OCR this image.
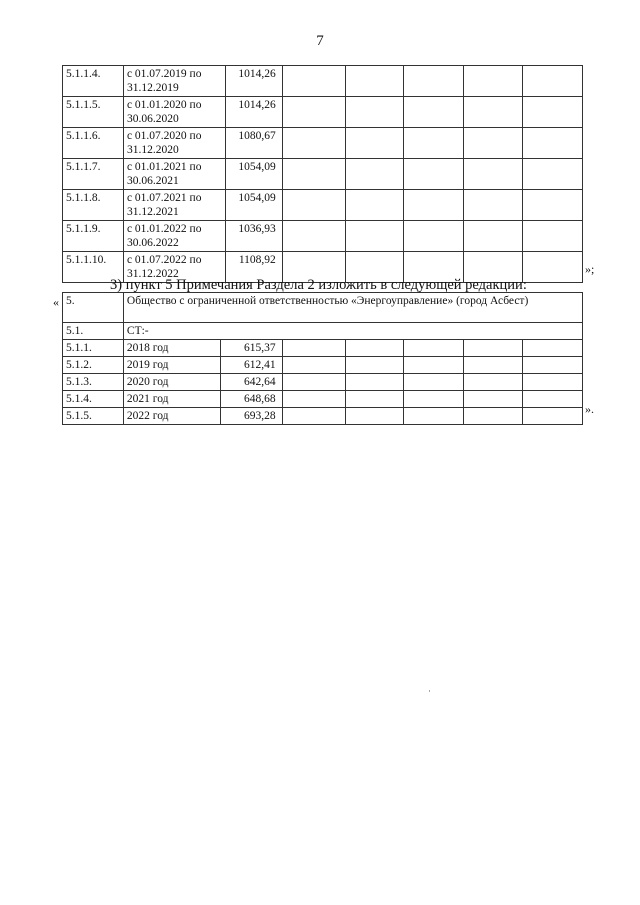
7
5.1.1.4.	с 01.07.2019 по
31.12.2019	1014,26					
5.1.1.5.	с 01.01.2020 по
30.06.2020	1014,26					
5.1.1.6.	с 01.07.2020 по
31.12.2020	1080,67					
5.1.1.7.	с 01.01.2021 по
30.06.2021	1054,09					
5.1.1.8.	с 01.07.2021 по
31.12.2021	1054,09					
5.1.1.9.	с 01.01.2022 по
30.06.2022	1036,93					
5.1.1.10.	с 01.07.2022 по
31.12.2022	1108,92					
»;
3) пункт 5 Примечания Раздела 2 изложить в следующей редакции:
« 5.	Общество с ограниченной ответственностью «Энергоуправление» (город Асбест)						
5.1.	СТ:-						
5.1.1.	2018 год	615,37					
5.1.2.	2019 год	612,41					
5.1.3.	2020 год	642,64					
5.1.4.	2021 год	648,68					
5.1.5.	2022 год	693,28						».
